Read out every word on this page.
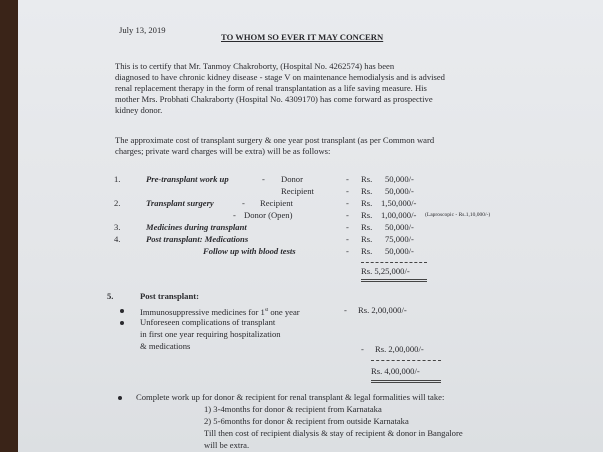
July 13, 2019
TO WHOM SO EVER IT MAY CONCERN
This is to certify that Mr. Tanmoy Chakroborty, (Hospital No. 4262574) has been
diagnosed to have chronic kidney disease - stage V on maintenance hemodialysis and is advised
renal replacement therapy in the form of renal transplantation as a life saving measure. His
mother Mrs. Probhati Chakraborty (Hospital No. 4309170) has come forward as prospective
kidney donor.
The approximate cost of transplant surgery & one year post transplant (as per Common ward
charges; private ward charges will be extra) will be as follows:
1.	Pre-transplant work up	- Donor	- Rs. 50,000/-
Recipient	- Rs. 50,000/-
2.	Transplant surgery	- Recipient	- Rs. 1,50,000/-
- Donor (Open)	- Rs. 1,00,000/- (Laproscopic - Rs.1,10,000/-)
3.	Medicines during transplant	- Rs. 50,000/-
4.	Post transplant: Medications	- Rs. 75,000/-
Follow up with blood tests	- Rs. 50,000/-
Rs. 5,25,000/-
5.	Post transplant:
Immunosuppressive medicines for 1st one year	- Rs. 2,00,000/-
Unforeseen complications of transplant
in first one year requiring hospitalization
& medications	- Rs. 2,00,000/-
Rs. 4,00,000/-
Complete work up for donor & recipient for renal transplant & legal formalities will take:
1) 3-4months for donor & recipient from Karnataka
2) 5-6months for donor & recipient from outside Karnataka
Till then cost of recipient dialysis & stay of recipient & donor in Bangalore
will be extra.
